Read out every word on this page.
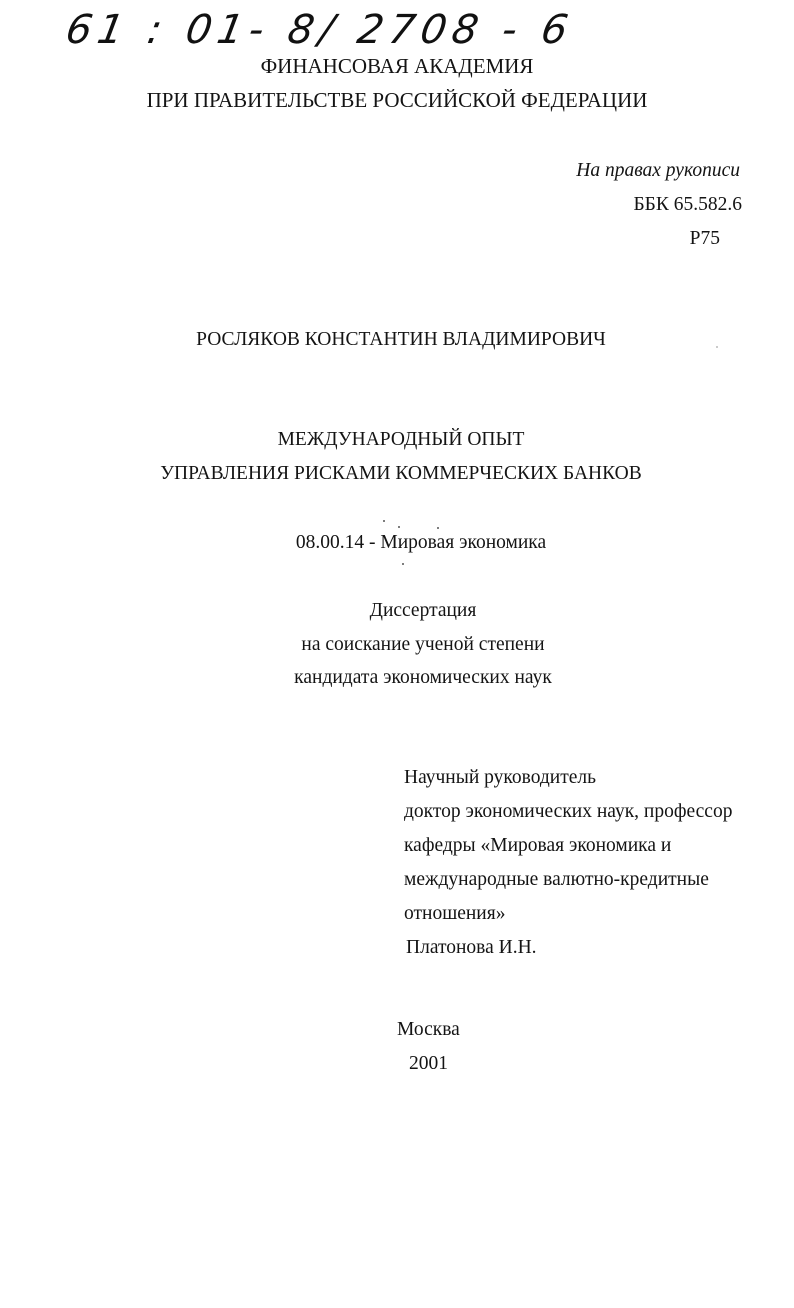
61 : 01- 8/ 2708 - 6
ФИНАНСОВАЯ АКАДЕМИЯ
ПРИ ПРАВИТЕЛЬСТВЕ РОССИЙСКОЙ ФЕДЕРАЦИИ
На правах рукописи
ББК 65.582.6
Р75
РОСЛЯКОВ КОНСТАНТИН ВЛАДИМИРОВИЧ
МЕЖДУНАРОДНЫЙ ОПЫТ
УПРАВЛЕНИЯ РИСКАМИ КОММЕРЧЕСКИХ БАНКОВ
08.00.14 - Мировая экономика
Диссертация
на соискание ученой степени
кандидата экономических наук
Научный руководитель
доктор экономических наук, профессор
кафедры «Мировая экономика и
международные валютно-кредитные
отношения»
Платонова И.Н.
Москва
2001
